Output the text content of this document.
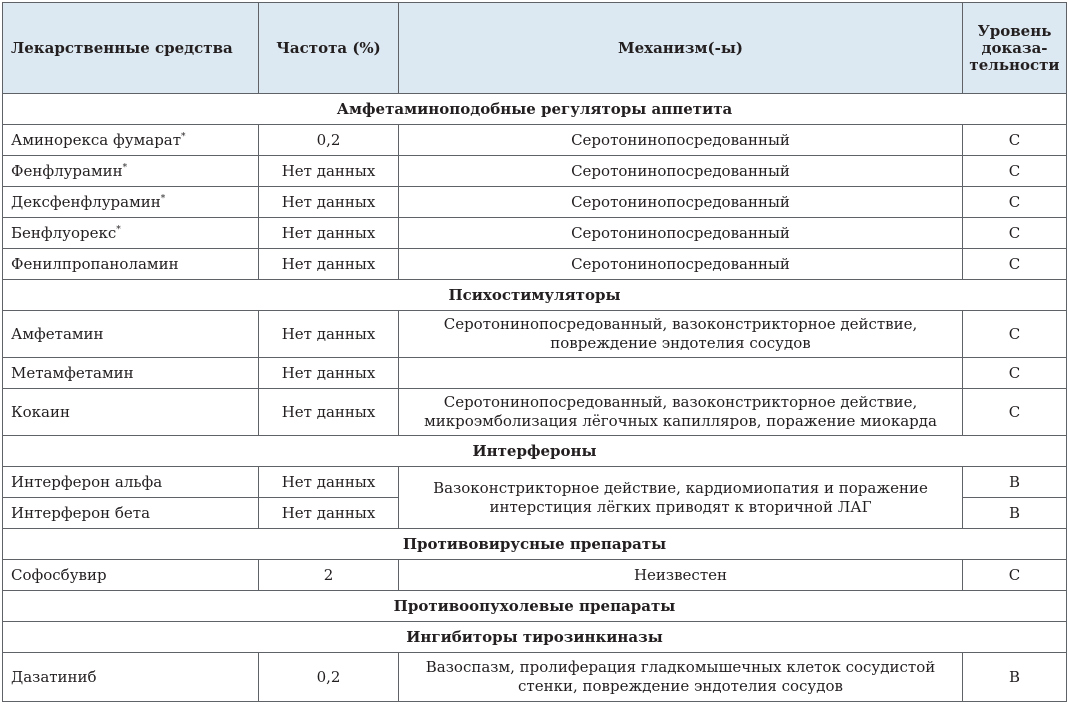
Лекарственные средства	Частота (%)	Механизм(-ы)	Уровень
доказа-
тельности
Амфетаминоподобные регуляторы аппетита			
Аминорекса фумарат*	0,2	Серотонинопосредованный	C
Фенфлурамин*	Нет данных	Серотонинопосредованный	C
Дексфенфлурамин*	Нет данных	Серотонинопосредованный	C
Бенфлуорекс*	Нет данных	Серотонинопосредованный	C
Фенилпропаноламин	Нет данных	Серотонинопосредованный	C
Психостимуляторы			
Амфетамин	Нет данных	Серотонинопосредованный, вазоконстрикторное действие,
повреждение эндотелия сосудов	C
Метамфетамин	Нет данных		C
Кокаин	Нет данных	Серотонинопосредованный, вазоконстрикторное действие,
микроэмболизация лёгочных капилляров, поражение миокарда	C
Интерфероны			
Интерферон альфа	Нет данных	Вазоконстрикторное действие, кардиомиопатия и поражение
интерстиция лёгких приводят к вторичной ЛАГ	B
Интерферон бета	Нет данных		B
Противовирусные препараты			
Софосбувир	2	Неизвестен	C
Противоопухолевые препараты			
Ингибиторы тирозинкиназы			
Дазатиниб	0,2	Вазоспазм, пролиферация гладкомышечных клеток сосудистой
стенки, повреждение эндотелия сосудов	B
